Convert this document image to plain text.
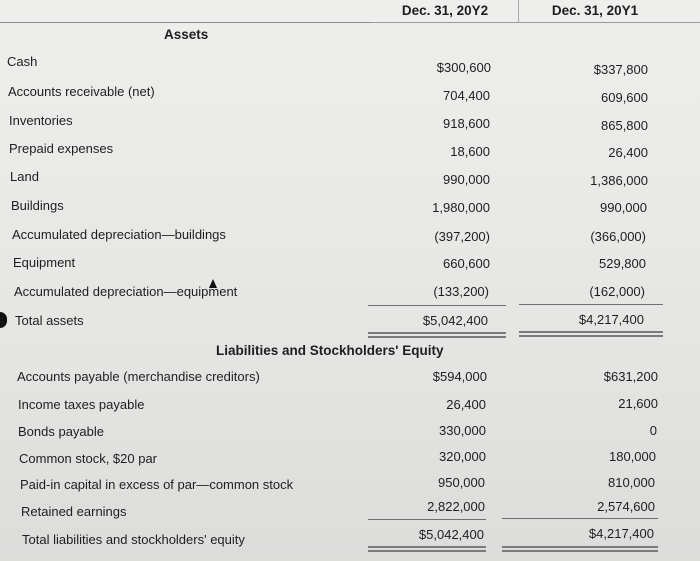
Dec. 31, 20Y2	Dec. 31, 20Y1
Assets
Cash	$300,600	$337,800
Accounts receivable (net)	704,400	609,600
Inventories	918,600	865,800
Prepaid expenses	18,600	26,400
Land	990,000	1,386,000
Buildings	1,980,000	990,000
Accumulated depreciation—buildings	(397,200)	(366,000)
Equipment	660,600	529,800
Accumulated depreciation—equipment	(133,200)	(162,000)
Total assets	$5,042,400	$4,217,400
Liabilities and Stockholders' Equity
Accounts payable (merchandise creditors)	$594,000	$631,200
Income taxes payable	26,400	21,600
Bonds payable	330,000	0
Common stock, $20 par	320,000	180,000
Paid-in capital in excess of par—common stock	950,000	810,000
Retained earnings	2,822,000	2,574,600
Total liabilities and stockholders' equity	$5,042,400	$4,217,400
